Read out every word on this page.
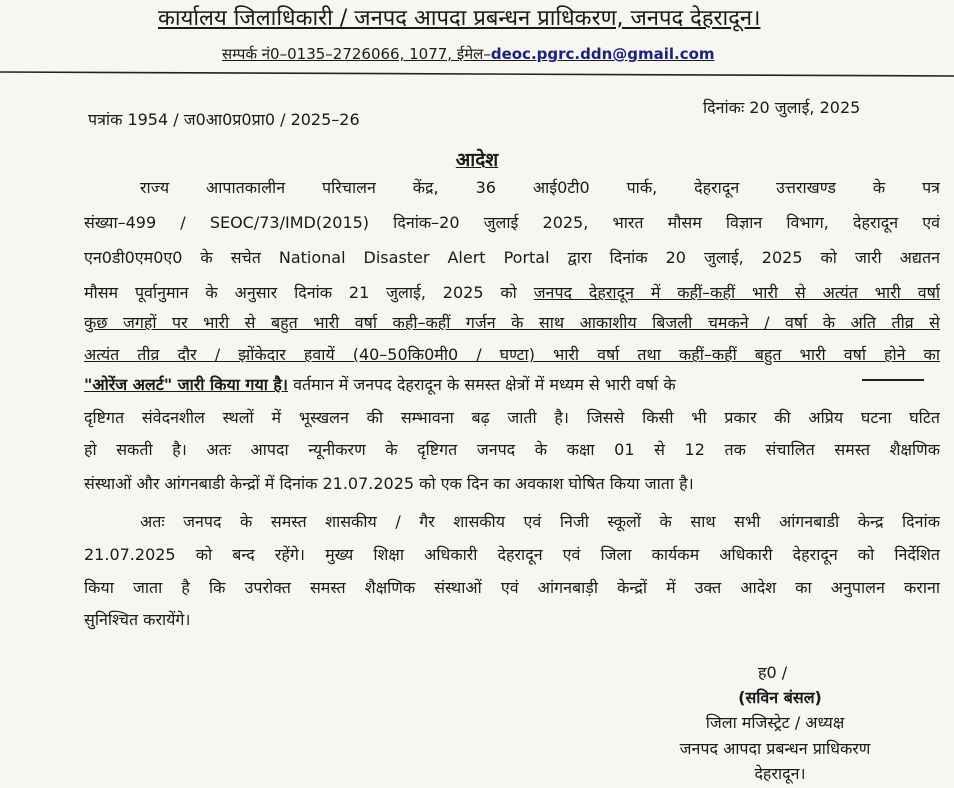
कार्यालय जिलाधिकारी / जनपद आपदा प्रबन्धन प्राधिकरण, जनपद देहरादून।
सम्पर्क नं0–0135–2726066, 1077, ईमेल–deoc.pgrc.ddn@gmail.com
पत्रांक 1954 / ज0आ0प्र0प्रा0 / 2025–26
दिनांकः 20 जुलाई, 2025
आदेश
राज्य आपातकालीन परिचालन केंद्र, 36 आई0टी0 पार्क, देहरादून उत्तराखण्ड के पत्र
संख्या–499 / SEOC/73/IMD(2015) दिनांक–20 जुलाई 2025, भारत मौसम विज्ञान विभाग, देहरादून एवं
एन0डी0एम0ए0 के सचेत National Disaster Alert Portal द्वारा दिनांक 20 जुलाई, 2025 को जारी अद्यतन
मौसम पूर्वानुमान के अनुसार दिनांक 21 जुलाई, 2025 को जनपद देहरादून में कहीं–कहीं भारी से अत्यंत भारी वर्षा
कुछ जगहों पर भारी से बहुत भारी वर्षा कही–कहीं गर्जन के साथ आकाशीय बिजली चमकने / वर्षा के अति तीव्र से
अत्यंत तीव्र दौर / झोंकेदार हवायें (40–50कि0मी0 / घण्टा) भारी वर्षा तथा कहीं–कहीं बहुत भारी वर्षा होने का
"ओरेंज अलर्ट" जारी किया गया है। वर्तमान में जनपद देहरादून के समस्त क्षेत्रों में मध्यम से भारी वर्षा के
दृष्टिगत संवेदनशील स्थलों में भूस्खलन की सम्भावना बढ़ जाती है। जिससे किसी भी प्रकार की अप्रिय घटना घटित
हो सकती है। अतः आपदा न्यूनीकरण के दृष्टिगत जनपद के कक्षा 01 से 12 तक संचालित समस्त शैक्षणिक
संस्थाओं और आंगनबाडी केन्द्रों में दिनांक 21.07.2025 को एक दिन का अवकाश घोषित किया जाता है।
अतः जनपद के समस्त शासकीय / गैर शासकीय एवं निजी स्कूलों के साथ सभी आंगनबाडी केन्द्र दिनांक
21.07.2025 को बन्द रहेंगे। मुख्य शिक्षा अधिकारी देहरादून एवं जिला कार्यकम अधिकारी देहरादून को निर्देशित
किया जाता है कि उपरोक्त समस्त शैक्षणिक संस्थाओं एवं आंगनबाड़ी केन्द्रों में उक्त आदेश का अनुपालन कराना
सुनिश्चित करायेंगे।
ह0 /
(सविन बंसल)
जिला मजिस्ट्रेट / अध्यक्ष
जनपद आपदा प्रबन्धन प्राधिकरण
देहरादून।
